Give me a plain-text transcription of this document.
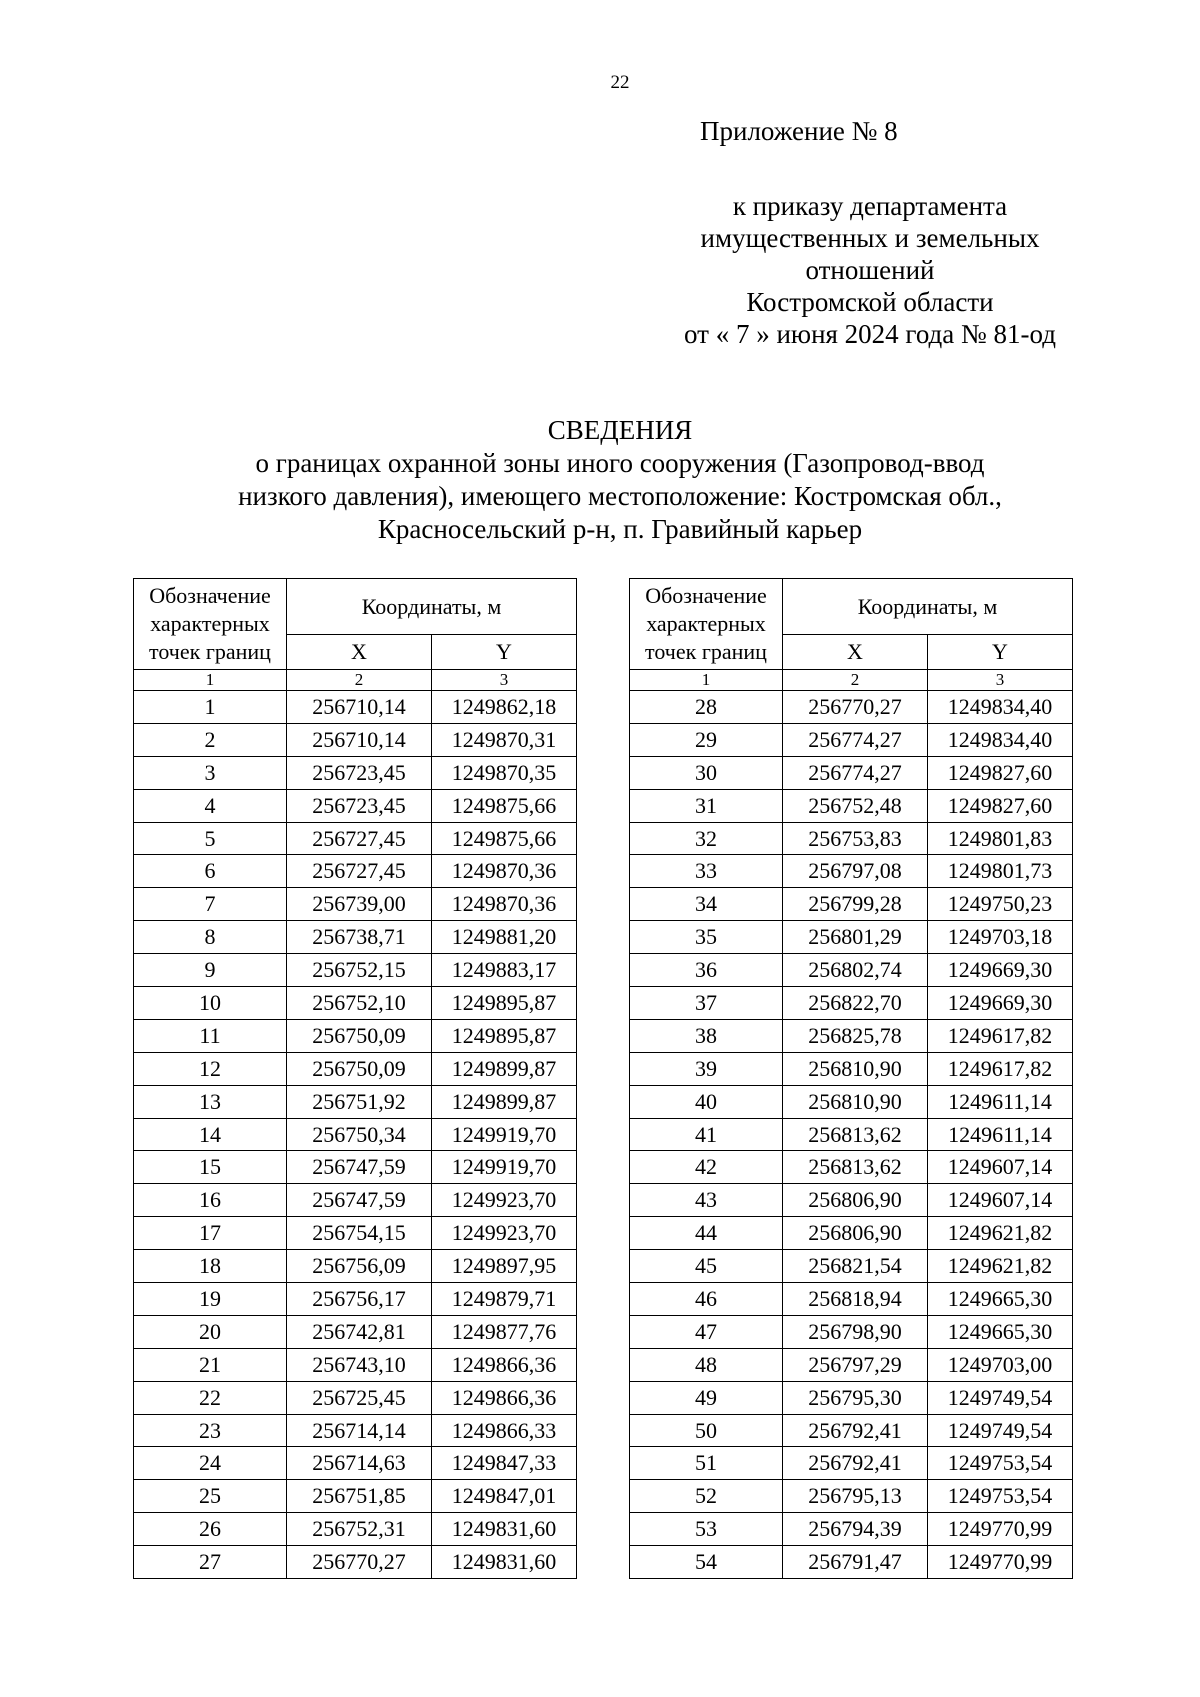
22
Приложение № 8
к приказу департамента
имущественных и земельных
отношений
Костромской области
от « 7 » июня 2024 года № 81-од
СВЕДЕНИЯ
о границах охранной зоны иного сооружения (Газопровод-ввод
низкого давления), имеющего местоположение: Костромская обл.,
Красносельский р-н, п. Гравийный карьер
Обозначение
характерных
точек границ	Координаты, м	
	X	Y
1	2	3
1	256710,14	1249862,18
2	256710,14	1249870,31
3	256723,45	1249870,35
4	256723,45	1249875,66
5	256727,45	1249875,66
6	256727,45	1249870,36
7	256739,00	1249870,36
8	256738,71	1249881,20
9	256752,15	1249883,17
10	256752,10	1249895,87
11	256750,09	1249895,87
12	256750,09	1249899,87
13	256751,92	1249899,87
14	256750,34	1249919,70
15	256747,59	1249919,70
16	256747,59	1249923,70
17	256754,15	1249923,70
18	256756,09	1249897,95
19	256756,17	1249879,71
20	256742,81	1249877,76
21	256743,10	1249866,36
22	256725,45	1249866,36
23	256714,14	1249866,33
24	256714,63	1249847,33
25	256751,85	1249847,01
26	256752,31	1249831,60
27	256770,27	1249831,60
Обозначение
характерных
точек границ	Координаты, м	
	X	Y
1	2	3
28	256770,27	1249834,40
29	256774,27	1249834,40
30	256774,27	1249827,60
31	256752,48	1249827,60
32	256753,83	1249801,83
33	256797,08	1249801,73
34	256799,28	1249750,23
35	256801,29	1249703,18
36	256802,74	1249669,30
37	256822,70	1249669,30
38	256825,78	1249617,82
39	256810,90	1249617,82
40	256810,90	1249611,14
41	256813,62	1249611,14
42	256813,62	1249607,14
43	256806,90	1249607,14
44	256806,90	1249621,82
45	256821,54	1249621,82
46	256818,94	1249665,30
47	256798,90	1249665,30
48	256797,29	1249703,00
49	256795,30	1249749,54
50	256792,41	1249749,54
51	256792,41	1249753,54
52	256795,13	1249753,54
53	256794,39	1249770,99
54	256791,47	1249770,99
